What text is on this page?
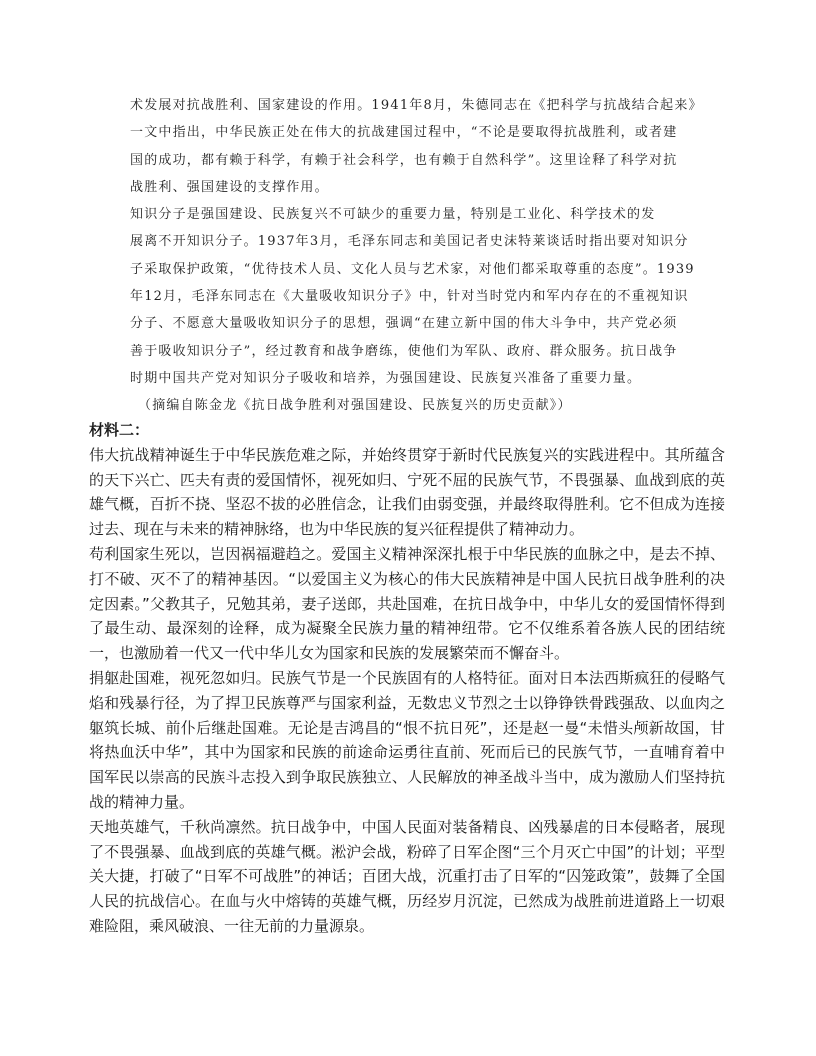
术发展对抗战胜利、国家建设的作用。1941年8月，朱德同志在《把科学与抗战结合起来》
一文中指出，中华民族正处在伟大的抗战建国过程中，“不论是要取得抗战胜利，或者建
国的成功，都有赖于科学，有赖于社会科学，也有赖于自然科学”。这里诠释了科学对抗
战胜利、强国建设的支撑作用。
知识分子是强国建设、民族复兴不可缺少的重要力量，特别是工业化、科学技术的发
展离不开知识分子。1937年3月，毛泽东同志和美国记者史沫特莱谈话时指出要对知识分
子采取保护政策，“优待技术人员、文化人员与艺术家，对他们都采取尊重的态度”。1939
年12月，毛泽东同志在《大量吸收知识分子》中，针对当时党内和军内存在的不重视知识
分子、不愿意大量吸收知识分子的思想，强调“在建立新中国的伟大斗争中，共产党必须
善于吸收知识分子”，经过教育和战争磨练，使他们为军队、政府、群众服务。抗日战争
时期中国共产党对知识分子吸收和培养，为强国建设、民族复兴准备了重要力量。
（摘编自陈金龙《抗日战争胜利对强国建设、民族复兴的历史贡献》）
材料二：

伟大抗战精神诞生于中华民族危难之际，并始终贯穿于新时代民族复兴的实践进程中。其所蕴含的天下兴亡、匹夫有责的爱国情怀，视死如归、宁死不屈的民族气节，不畏强暴、血战到底的英雄气概，百折不挠、坚忍不拔的必胜信念，让我们由弱变强，并最终取得胜利。它不但成为连接过去、现在与未来的精神脉络，也为中华民族的复兴征程提供了精神动力。

苟利国家生死以，岂因祸福避趋之。爱国主义精神深深扎根于中华民族的血脉之中，是去不掉、打不破、灭不了的精神基因。“以爱国主义为核心的伟大民族精神是中国人民抗日战争胜利的决定因素。”父教其子，兄勉其弟，妻子送郎，共赴国难，在抗日战争中，中华儿女的爱国情怀得到了最生动、最深刻的诠释，成为凝聚全民族力量的精神纽带。它不仅维系着各族人民的团结统一，也激励着一代又一代中华儿女为国家和民族的发展繁荣而不懈奋斗。

捐躯赴国难，视死忽如归。民族气节是一个民族固有的人格特征。面对日本法西斯疯狂的侵略气焰和残暴行径，为了捍卫民族尊严与国家利益，无数忠义节烈之士以铮铮铁骨践强敌、以血肉之躯筑长城、前仆后继赴国难。无论是吉鸿昌的“恨不抗日死”，还是赵一曼“未惜头颅新故国，甘将热血沃中华”，其中为国家和民族的前途命运勇往直前、死而后已的民族气节，一直哺育着中国军民以崇高的民族斗志投入到争取民族独立、人民解放的神圣战斗当中，成为激励人们坚持抗战的精神力量。

天地英雄气，千秋尚凛然。抗日战争中，中国人民面对装备精良、凶残暴虐的日本侵略者，展现了不畏强暴、血战到底的英雄气概。淞沪会战，粉碎了日军企图“三个月灭亡中国”的计划；平型关大捷，打破了“日军不可战胜”的神话；百团大战，沉重打击了日军的“囚笼政策”，鼓舞了全国人民的抗战信心。在血与火中熔铸的英雄气概，历经岁月沉淀，已然成为战胜前进道路上一切艰难险阻，乘风破浪、一往无前的力量源泉。
